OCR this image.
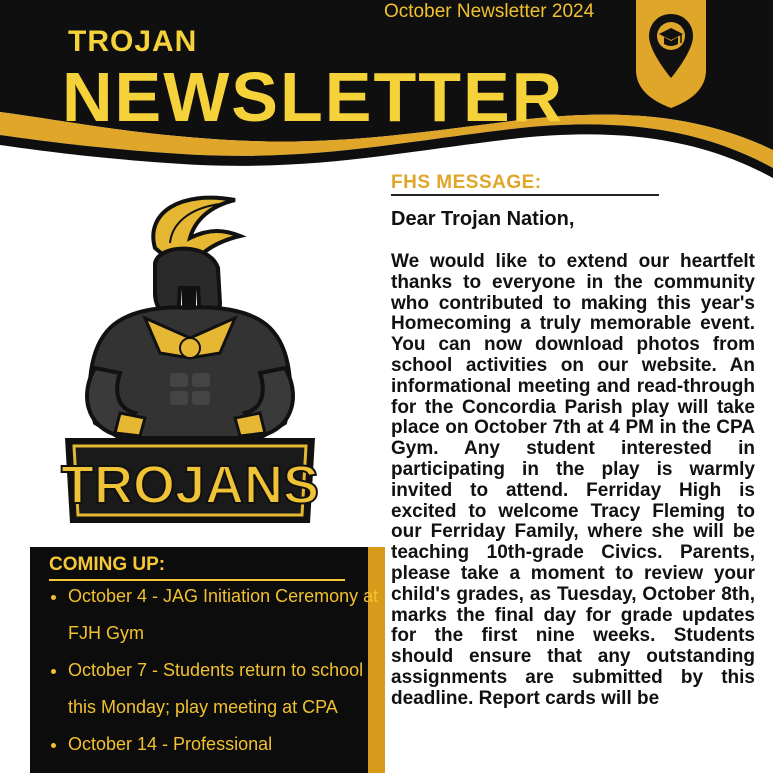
October Newsletter 2024
TROJAN
NEWSLETTER
TROJANS
FHS MESSAGE:
Dear Trojan Nation,

We would like to extend our heartfelt thanks to everyone in the community who contributed to making this year's Homecoming a truly memorable event. You can now download photos from school activities on our website. An informational meeting and read-through for the Concordia Parish play will take place on October 7th at 4 PM in the CPA Gym. Any student interested in participating in the play is warmly invited to attend. Ferriday High is excited to welcome Tracy Fleming to our Ferriday Family, where she will be teaching 10th-grade Civics. Parents, please take a moment to review your child's grades, as Tuesday, October 8th, marks the final day for grade updates for the first nine weeks. Students should ensure that any outstanding assignments are submitted by this deadline. Report cards will be

COMING UP:
• October 4 - JAG Initiation Ceremony at FJH Gym
• October 7 - Students return to school this Monday; play meeting at CPA
• October 14 - Professional
